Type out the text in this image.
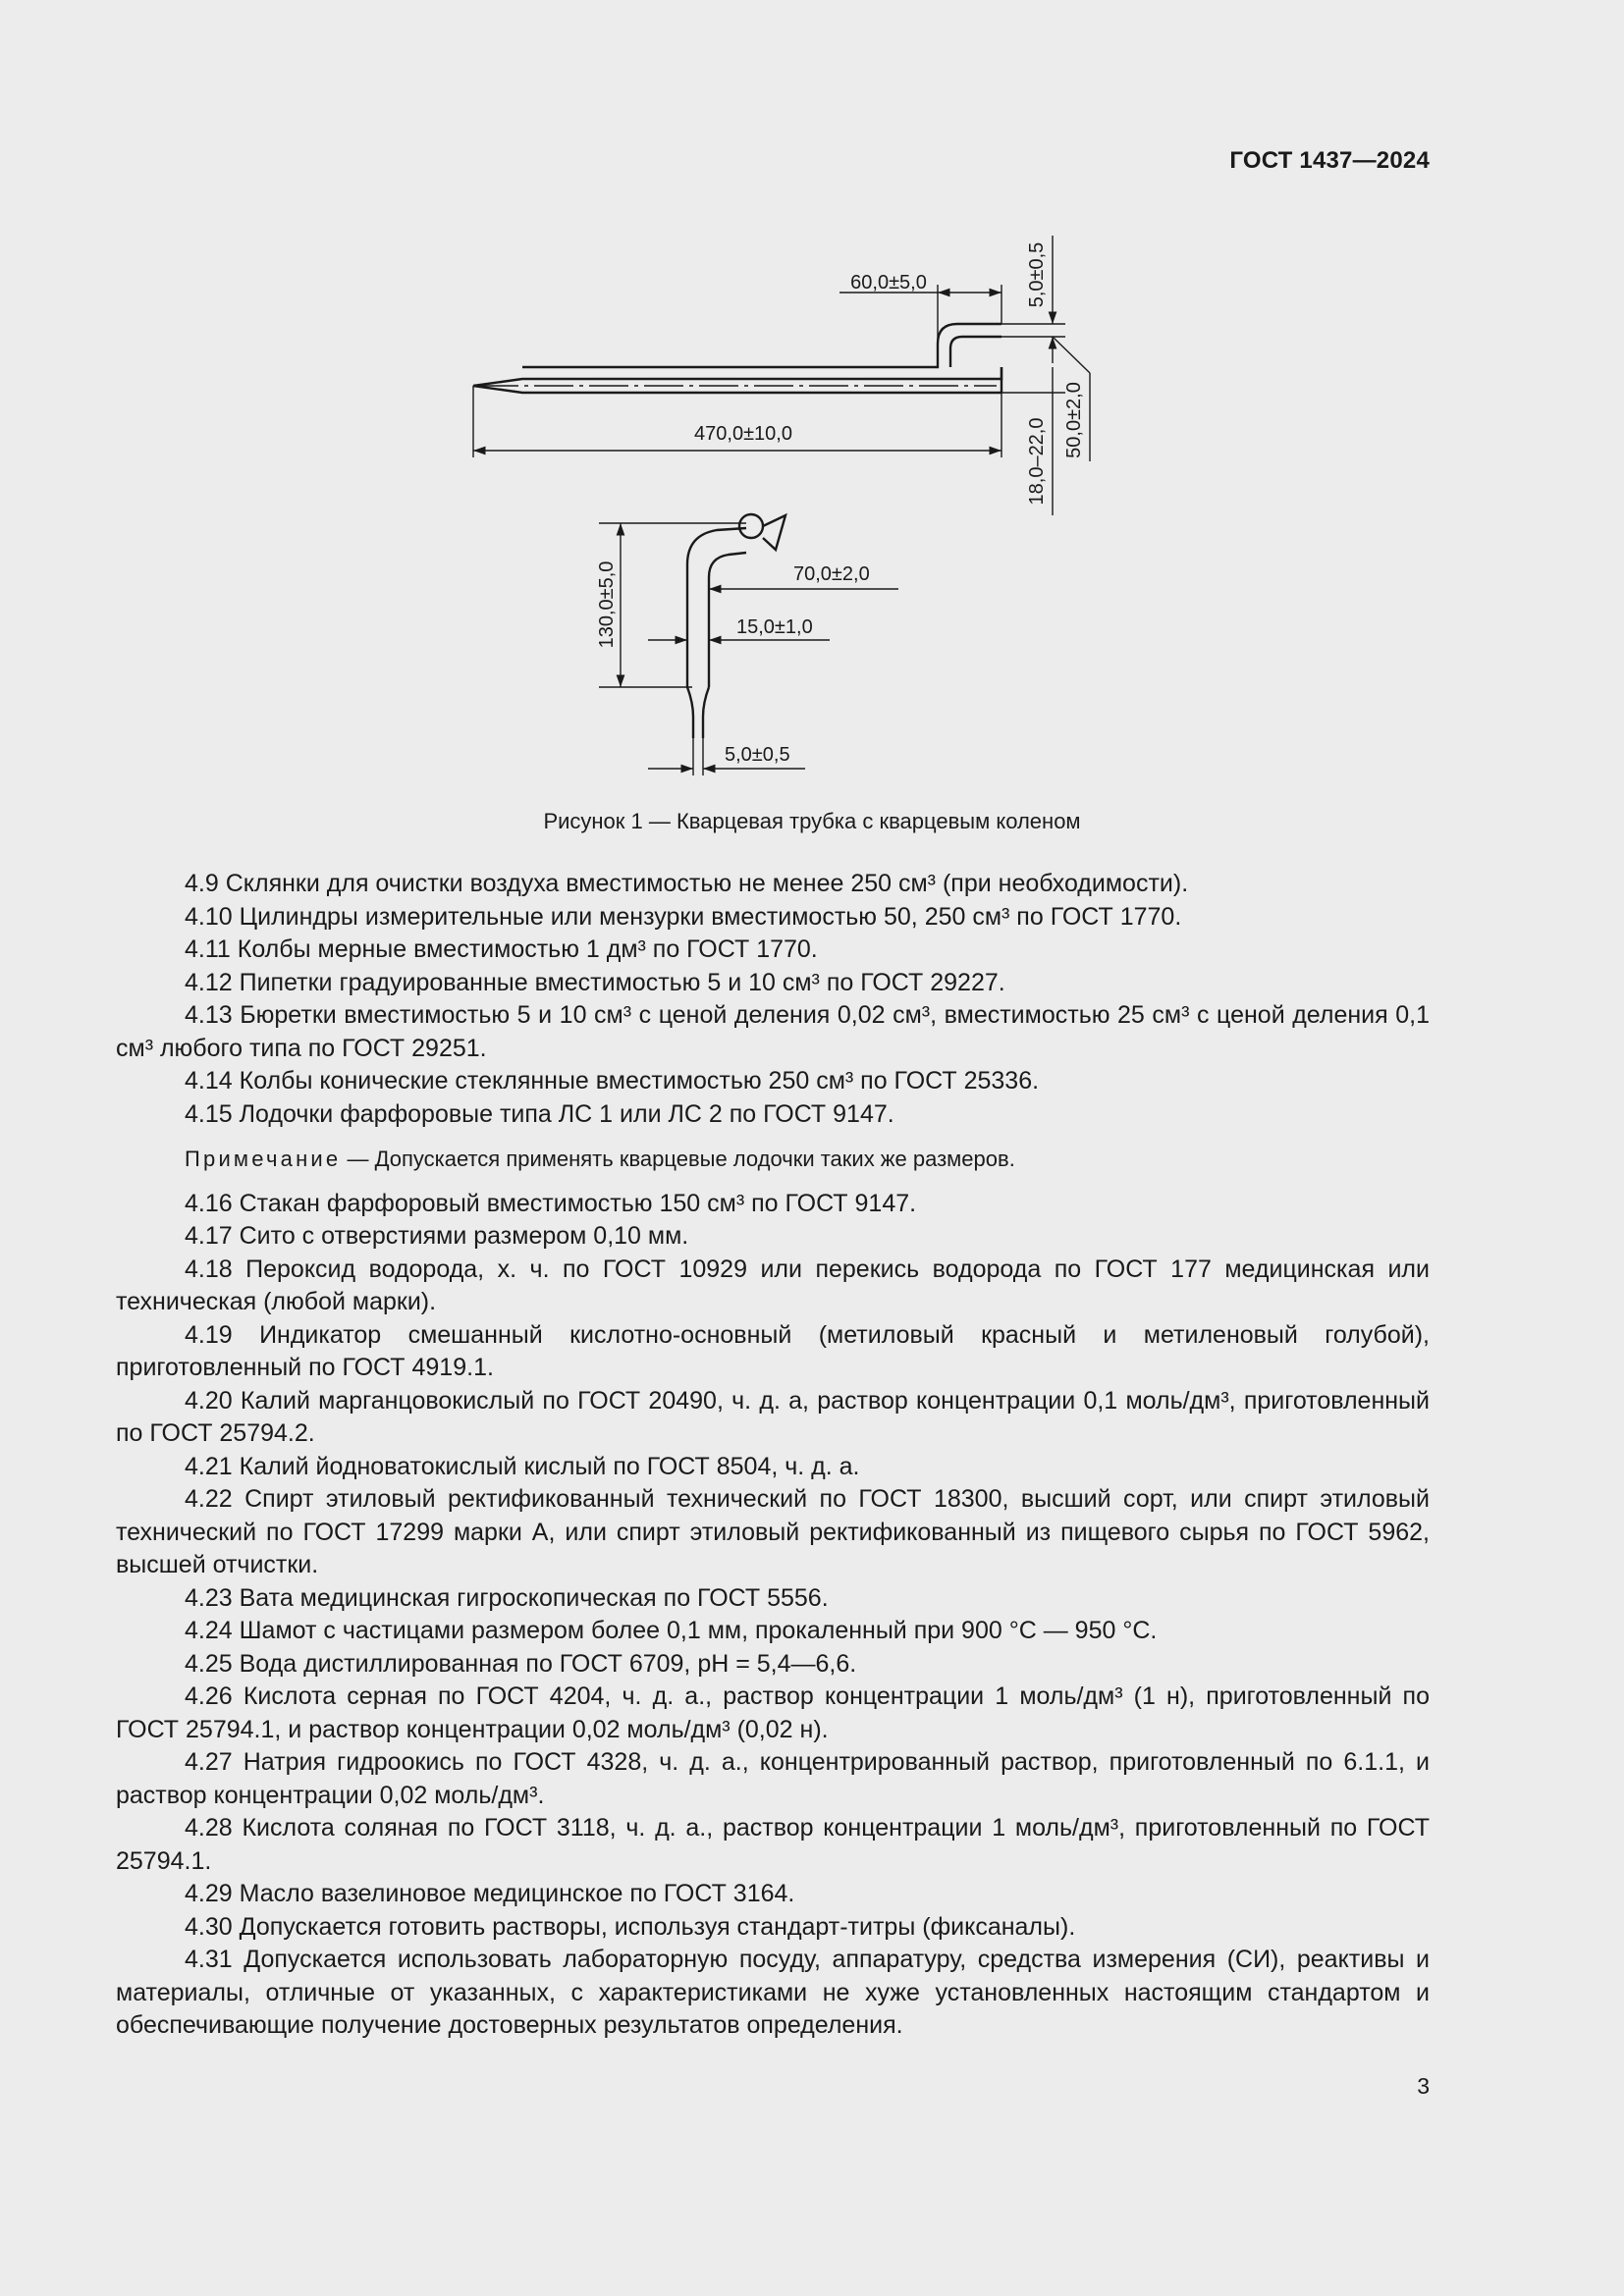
ГОСТ 1437—2024
60,0±5,0
470,0±10,0
5,0±0,5
50,0±2,0
18,0–22,0
130,0±5,0	70,0±2,0
15,0±1,0
5,0±0,5
Рисунок 1 — Кварцевая трубка с кварцевым коленом

4.9 Склянки для очистки воздуха вместимостью не менее 250 см³ (при необходимости).

4.10 Цилиндры измерительные или мензурки вместимостью 50, 250 см³ по ГОСТ 1770.

4.11 Колбы мерные вместимостью 1 дм³ по ГОСТ 1770.

4.12 Пипетки градуированные вместимостью 5 и 10 см³ по ГОСТ 29227.

4.13 Бюретки вместимостью 5 и 10 см³ с ценой деления 0,02 см³, вместимостью 25 см³ с ценой деления 0,1 см³ любого типа по ГОСТ 29251.

4.14 Колбы конические стеклянные вместимостью 250 см³ по ГОСТ 25336.

4.15 Лодочки фарфоровые типа ЛС 1 или ЛС 2 по ГОСТ 9147.

Примечание — Допускается применять кварцевые лодочки таких же размеров.

4.16 Стакан фарфоровый вместимостью 150 см³ по ГОСТ 9147.

4.17 Сито с отверстиями размером 0,10 мм.

4.18 Пероксид водорода, х. ч. по ГОСТ 10929 или перекись водорода по ГОСТ 177 медицинская или техническая (любой марки).

4.19 Индикатор смешанный кислотно-основный (метиловый красный и метиленовый голубой), приготовленный по ГОСТ 4919.1.

4.20 Калий марганцовокислый по ГОСТ 20490, ч. д. а, раствор концентрации 0,1 моль/дм³, приготовленный по ГОСТ 25794.2.

4.21 Калий йодноватокислый кислый по ГОСТ 8504, ч. д. а.

4.22 Спирт этиловый ректификованный технический по ГОСТ 18300, высший сорт, или спирт этиловый технический по ГОСТ 17299 марки А, или спирт этиловый ректификованный из пищевого сырья по ГОСТ 5962, высшей отчистки.

4.23 Вата медицинская гигроскопическая по ГОСТ 5556.

4.24 Шамот с частицами размером более 0,1 мм, прокаленный при 900 °С — 950 °С.

4.25 Вода дистиллированная по ГОСТ 6709, pH = 5,4—6,6.

4.26 Кислота серная по ГОСТ 4204, ч. д. а., раствор концентрации 1 моль/дм³ (1 н), приготовленный по ГОСТ 25794.1, и раствор концентрации 0,02 моль/дм³ (0,02 н).

4.27 Натрия гидроокись по ГОСТ 4328, ч. д. а., концентрированный раствор, приготовленный по 6.1.1, и раствор концентрации 0,02 моль/дм³.

4.28 Кислота соляная по ГОСТ 3118, ч. д. а., раствор концентрации 1 моль/дм³, приготовленный по ГОСТ 25794.1.

4.29 Масло вазелиновое медицинское по ГОСТ 3164.

4.30 Допускается готовить растворы, используя стандарт-титры (фиксаналы).

4.31 Допускается использовать лабораторную посуду, аппаратуру, средства измерения (СИ), реактивы и материалы, отличные от указанных, с характеристиками не хуже установленных настоящим стандартом и обеспечивающие получение достоверных результатов определения.

3
